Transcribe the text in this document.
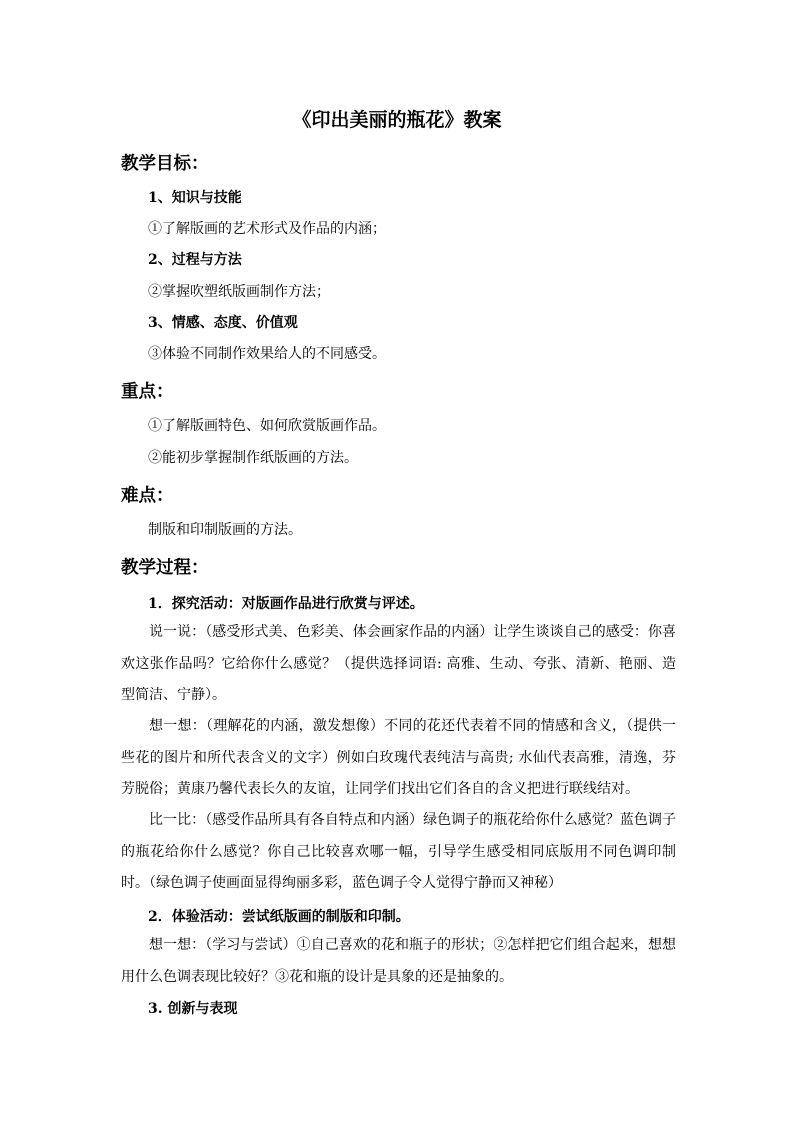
《印出美丽的瓶花》教案
教学目标：
1、知识与技能
①了解版画的艺术形式及作品的内涵；
2、过程与方法
②掌握吹塑纸版画制作方法；
3、情感、态度、价值观
③体验不同制作效果给人的不同感受。
重点：
①了解版画特色、如何欣赏版画作品。
②能初步掌握制作纸版画的方法。
难点：
制版和印制版画的方法。
教学过程：
1．探究活动：对版画作品进行欣赏与评述。
说一说：（感受形式美、色彩美、体会画家作品的内涵）让学生谈谈自己的感受：你喜欢这张作品吗？它给你什么感觉？（提供选择词语: 高雅、生动、夸张、清新、艳丽、造型简洁、宁静）。
想一想：（理解花的内涵，激发想像）不同的花还代表着不同的情感和含义，（提供一些花的图片和所代表含义的文字）例如白玫瑰代表纯洁与高贵; 水仙代表高雅，清逸，芬芳脱俗；黄康乃馨代表长久的友谊，让同学们找出它们各自的含义把进行联线结对。
比一比：（感受作品所具有各自特点和内涵）绿色调子的瓶花给你什么感觉？蓝色调子的瓶花给你什么感觉？你自己比较喜欢哪一幅，引导学生感受相同底版用不同色调印制时。（绿色调子使画面显得绚丽多彩，蓝色调子令人觉得宁静而又神秘）
2．体验活动：尝试纸版画的制版和印制。
想一想：（学习与尝试）①自己喜欢的花和瓶子的形状；②怎样把它们组合起来，想想用什么色调表现比较好？③花和瓶的设计是具象的还是抽象的。
3. 创新与表现
